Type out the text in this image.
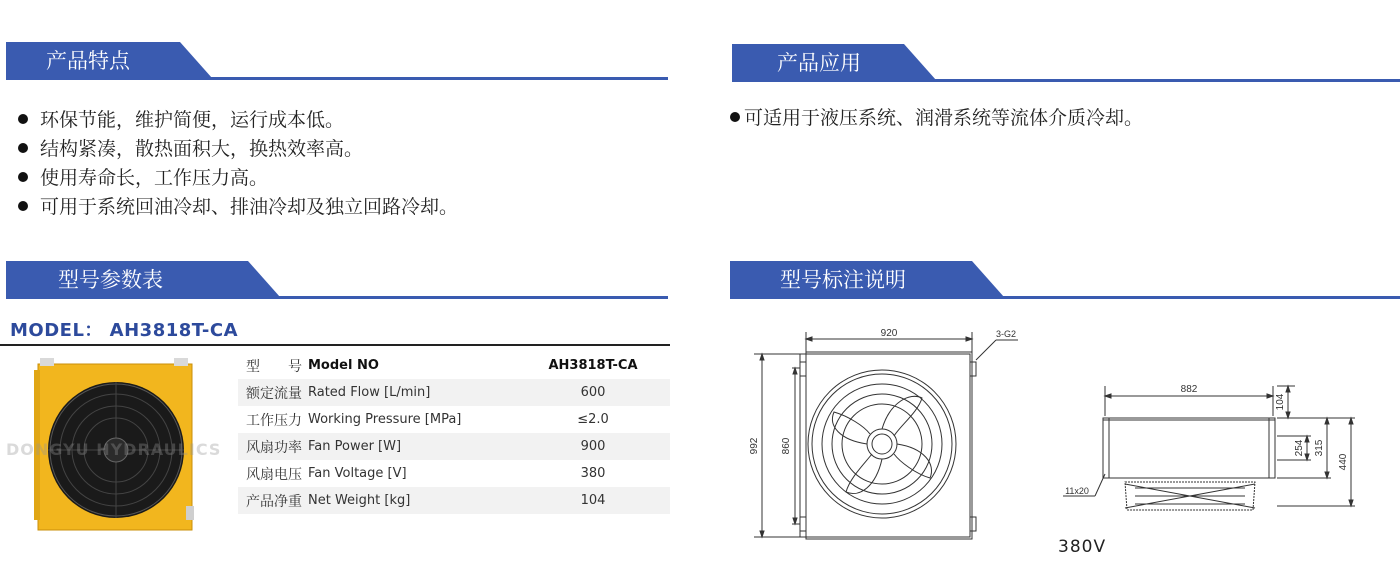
产品特点
环保节能，维护简便，运行成本低。
结构紧凑，散热面积大，换热效率高。
使用寿命长，工作压力高。
可用于系统回油冷却、排油冷却及独立回路冷却。
产品应用
可适用于液压系统、润滑系统等流体介质冷却。
型号参数表	型号标注说明
MODEL： AH3818T-CA
DONGYU HYDRAULICS
型　　号	Model NO	AH3818T-CA
额定流量	Rated Flow [L/min]	600
工作压力	Working Pressure [MPa]	≤2.0
风扇功率	Fan Power [W]	900
风扇电压	Fan Voltage [V]	380
产品净重	Net Weight [kg]	104
920	3-G2
992 860
882
104
254 315
440
11x20
380V
